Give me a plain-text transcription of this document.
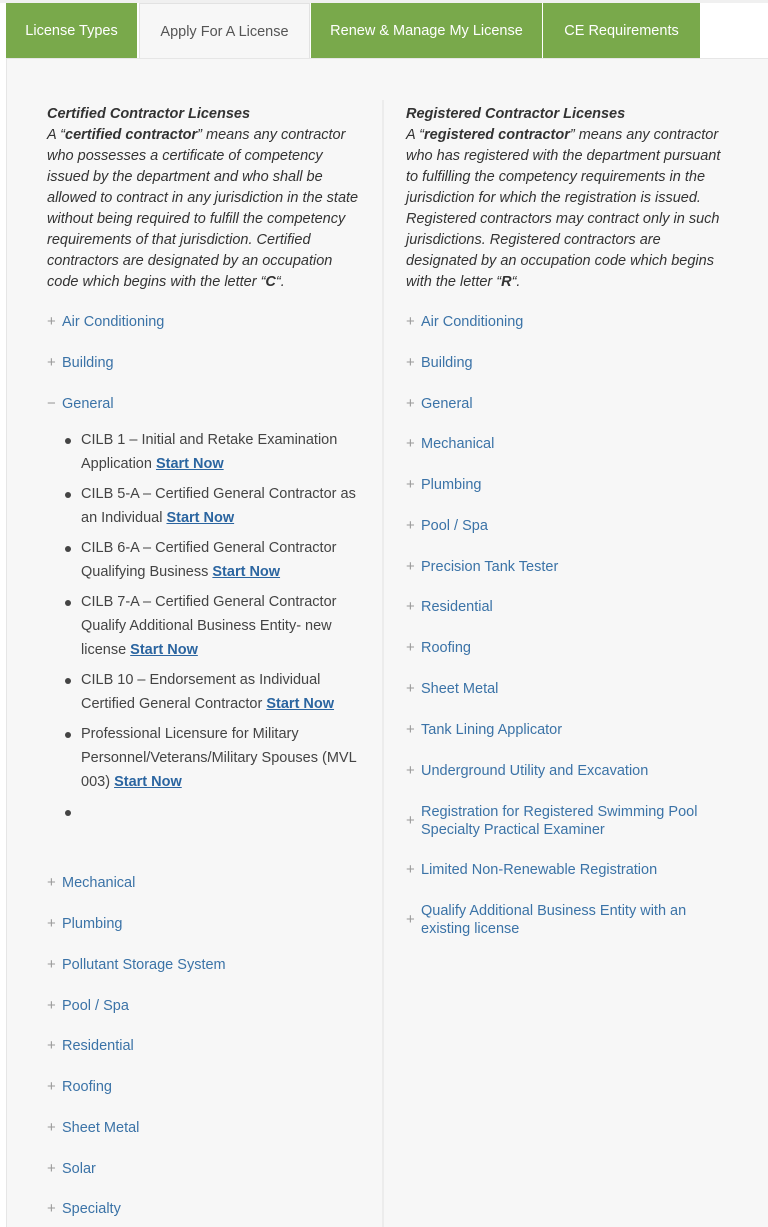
License Types	Apply For A License	Renew & Manage My License	CE Requirements
Certified Contractor Licenses
A “certified contractor” means any contractor who possesses a certificate of competency issued by the department and who shall be allowed to contract in any jurisdiction in the state without being required to fulfill the competency requirements of that jurisdiction. Certified contractors are designated by an occupation code which begins with the letter “C“.
+ Air Conditioning
+ Building
− General
CILB 1 – Initial and Retake Examination Application Start Now
CILB 5-A – Certified General Contractor as an Individual Start Now
CILB 6-A – Certified General Contractor Qualifying Business Start Now
CILB 7-A – Certified General Contractor Qualify Additional Business Entity- new license Start Now
CILB 10 – Endorsement as Individual Certified General Contractor Start Now
Professional Licensure for Military Personnel/Veterans/Military Spouses (MVL 003) Start Now

+ Mechanical
+ Plumbing
+ Pollutant Storage System
+ Pool / Spa
+ Residential
+ Roofing
+ Sheet Metal
+ Solar
+ Specialty
Registered Contractor Licenses
A “registered contractor” means any contractor who has registered with the department pursuant to fulfilling the competency requirements in the jurisdiction for which the registration is issued. Registered contractors may contract only in such jurisdictions. Registered contractors are designated by an occupation code which begins with the letter “R“.
+ Air Conditioning
+ Building
+ General
+ Mechanical
+ Plumbing
+ Pool / Spa
+ Precision Tank Tester
+ Residential
+ Roofing
+ Sheet Metal
+ Tank Lining Applicator
+ Underground Utility and Excavation
+ Registration for Registered Swimming Pool Specialty Practical Examiner
+ Limited Non-Renewable Registration
+ Qualify Additional Business Entity with an existing license
